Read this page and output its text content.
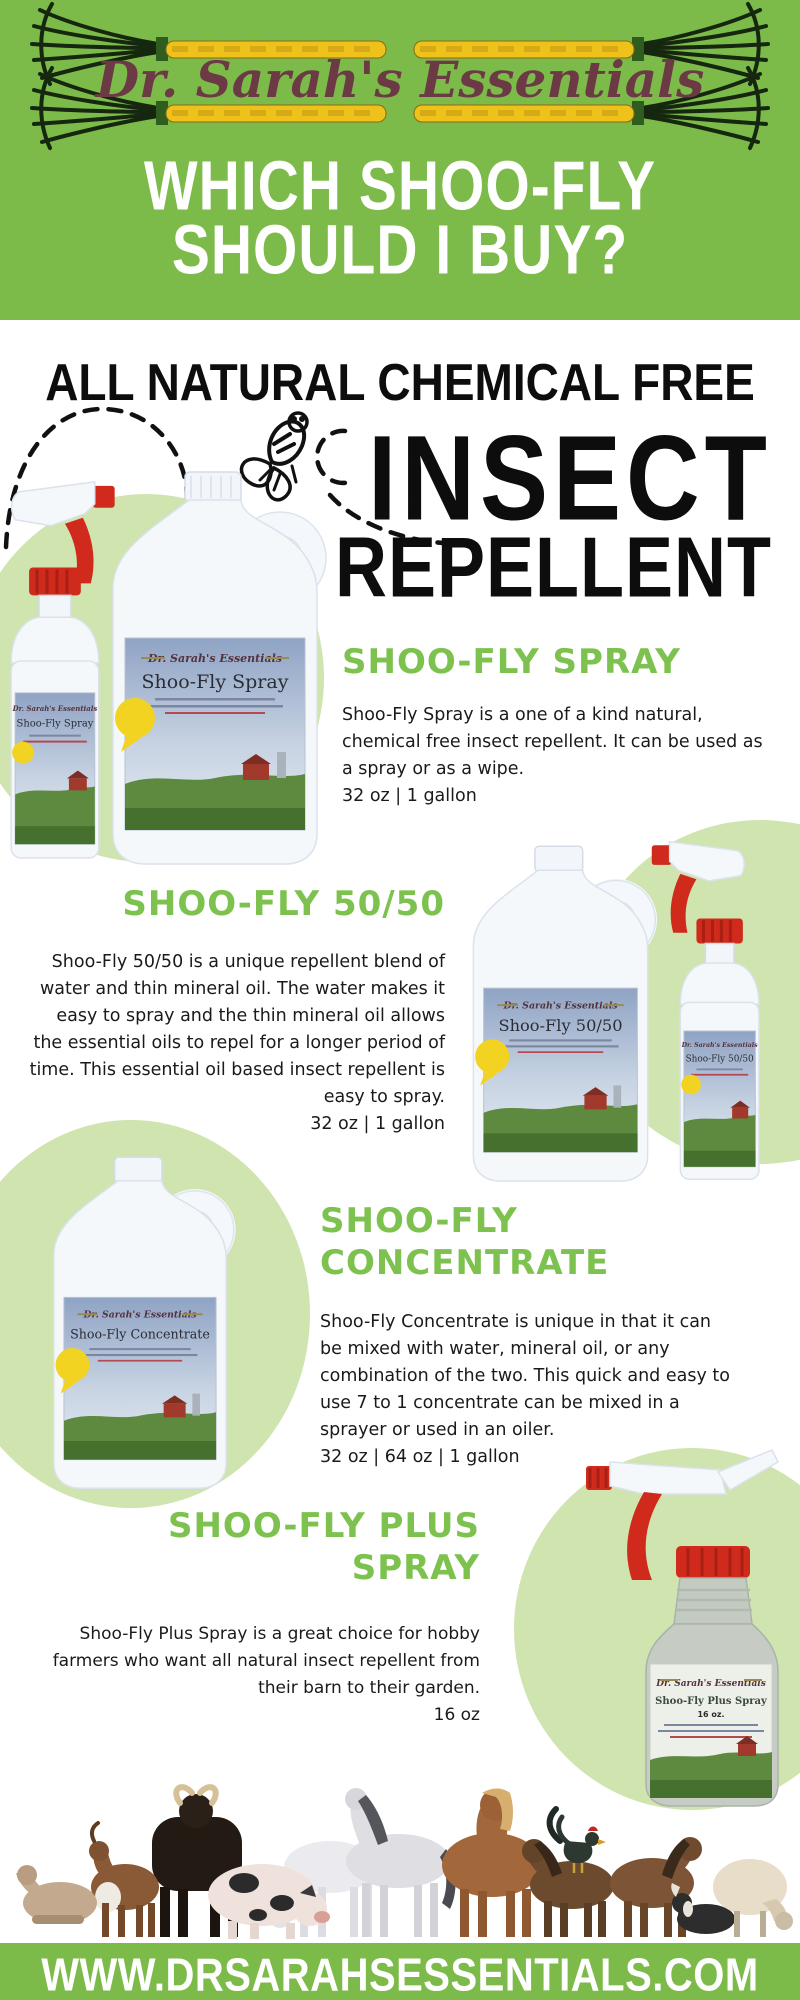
Dr. Sarah's Essentials
WHICH SHOO-FLY
SHOULD I BUY?
ALL NATURAL CHEMICAL FREE
INSECT
REPELLENT
Dr. Sarah's Essentials
Shoo-Fly Spray
Dr. Sarah's Essentials
Shoo-Fly Spray SHOO-FLY SPRAY
Shoo-Fly Spray is a one of a kind natural, chemical free insect repellent. It can be used as a spray or as a wipe.
32 oz | 1 gallon
Dr. Sarah's Essentials
Shoo-Fly 50/50
Dr. Sarah's Essentials
Shoo-Fly 50/50
SHOO-FLY 50/50
Shoo-Fly 50/50 is a unique repellent blend of water and thin mineral oil. The water makes it easy to spray and the thin mineral oil allows the essential oils to repel for a longer period of time. This essential oil based insect repellent is easy to spray.
32 oz | 1 gallon
Dr. Sarah's Essentials
Shoo-Fly Concentrate
SHOO-FLY CONCENTRATE
Shoo-Fly Concentrate is unique in that it can be mixed with water, mineral oil, or any combination of the two. This quick and easy to use 7 to 1 concentrate can be mixed in a sprayer or used in an oiler.
32 oz | 64 oz | 1 gallon
Dr. Sarah's Essentials
Shoo-Fly Plus Spray
16 oz.
SHOO-FLY PLUS SPRAY
Shoo-Fly Plus Spray is a great choice for hobby farmers who want all natural insect repellent from their barn to their garden.
16 oz
WWW.DRSARAHSESSENTIALS.COM
